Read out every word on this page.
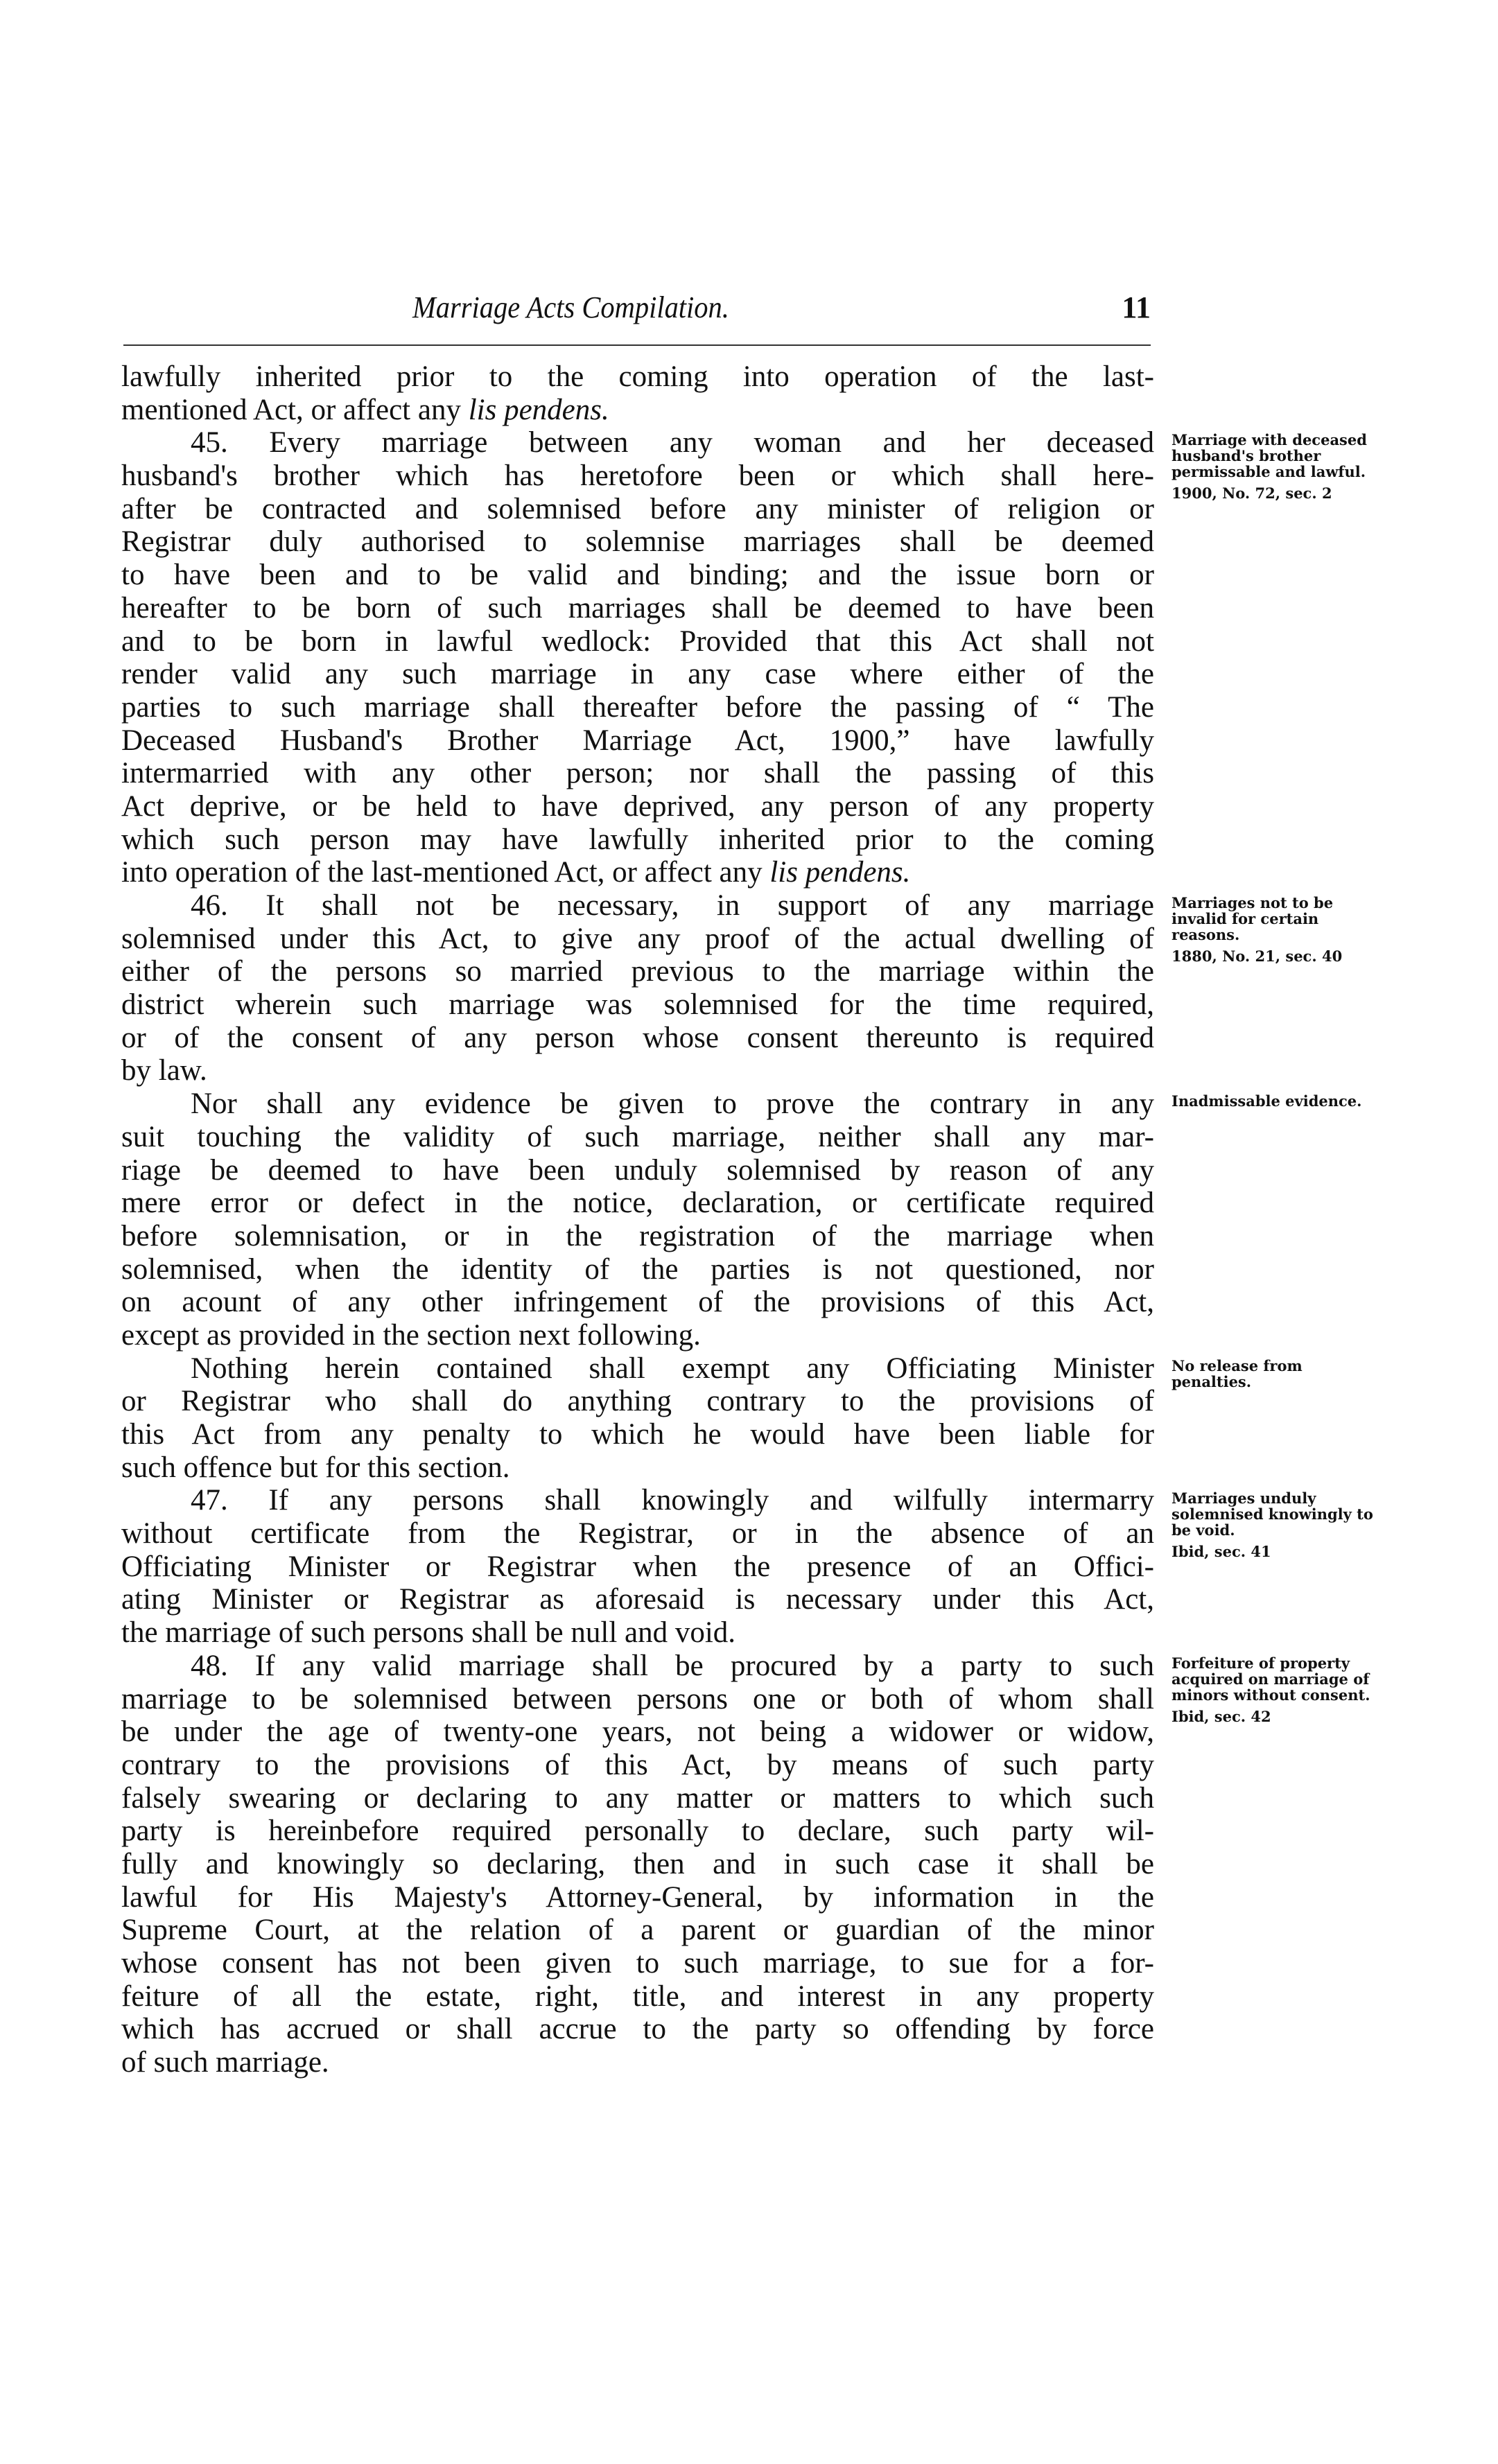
Marriage Acts Compilation.	11
lawfully inherited prior to the coming into operation of the last-
mentioned Act, or affect any lis pendens.
45. Every marriage between any woman and her deceased
husband's brother which has heretofore been or which shall here-
after be contracted and solemnised before any minister of religion or
Registrar duly authorised to solemnise marriages shall be deemed
to have been and to be valid and binding; and the issue born or
hereafter to be born of such marriages shall be deemed to have been
and to be born in lawful wedlock: Provided that this Act shall not
render valid any such marriage in any case where either of the
parties to such marriage shall thereafter before the passing of “ The
Deceased Husband's Brother Marriage Act, 1900,” have lawfully
intermarried with any other person; nor shall the passing of this
Act deprive, or be held to have deprived, any person of any property
which such person may have lawfully inherited prior to the coming
into operation of the last-mentioned Act, or affect any lis pendens.
46. It shall not be necessary, in support of any marriage
solemnised under this Act, to give any proof of the actual dwelling of
either of the persons so married previous to the marriage within the
district wherein such marriage was solemnised for the time required,
or of the consent of any person whose consent thereunto is required
by law.
Nor shall any evidence be given to prove the contrary in any
suit touching the validity of such marriage, neither shall any mar-
riage be deemed to have been unduly solemnised by reason of any
mere error or defect in the notice, declaration, or certificate required
before solemnisation, or in the registration of the marriage when
solemnised, when the identity of the parties is not questioned, nor
on acount of any other infringement of the provisions of this Act,
except as provided in the section next following.
Nothing herein contained shall exempt any Officiating Minister
or Registrar who shall do anything contrary to the provisions of
this Act from any penalty to which he would have been liable for
such offence but for this section.
47. If any persons shall knowingly and wilfully intermarry
without certificate from the Registrar, or in the absence of an
Officiating Minister or Registrar when the presence of an Offici-
ating Minister or Registrar as aforesaid is necessary under this Act,
the marriage of such persons shall be null and void.
48. If any valid marriage shall be procured by a party to such
marriage to be solemnised between persons one or both of whom shall
be under the age of twenty-one years, not being a widower or widow,
contrary to the provisions of this Act, by means of such party
falsely swearing or declaring to any matter or matters to which such
party is hereinbefore required personally to declare, such party wil-
fully and knowingly so declaring, then and in such case it shall be
lawful for His Majesty's Attorney-General, by information in the
Supreme Court, at the relation of a parent or guardian of the minor
whose consent has not been given to such marriage, to sue for a for-
feiture of all the estate, right, title, and interest in any property
which has accrued or shall accrue to the party so offending by force
of such marriage.
Marriage with deceased husband's brother permissable and lawful.
1900, No. 72, sec. 2
Marriages not to be invalid for certain reasons.
1880, No. 21, sec. 40
Inadmissable evidence.
No release from penalties.
Marriages unduly solemnised knowingly to be void.
Ibid, sec. 41
Forfeiture of property acquired on marriage of minors without consent.
Ibid, sec. 42
